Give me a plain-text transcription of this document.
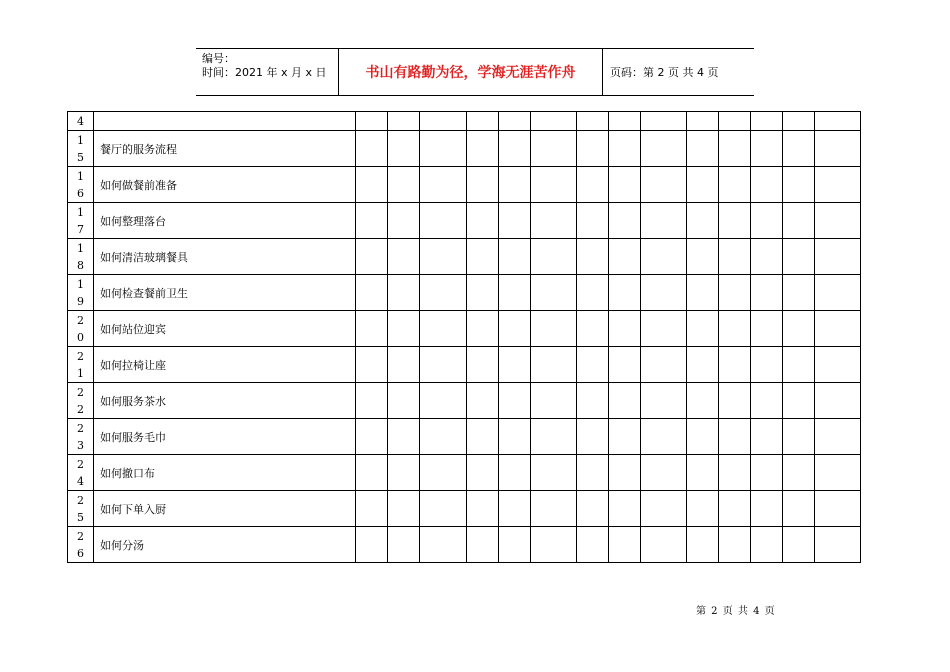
编号：
时间：2021 年 x 月 x 日	书山有路勤为径，学海无涯苦作舟	页码：第 2 页 共 4 页
4															

1
5	餐厅的服务流程														

1
6	如何做餐前准备														

1
7	如何整理落台														

1
8	如何清洁玻璃餐具														

1
9	如何检查餐前卫生														

2
0	如何站位迎宾														

2
1	如何拉椅让座														

2
2	如何服务茶水														

2
3	如何服务毛巾														

2
4	如何撤口布														

2
5	如何下单入厨														

2
6	如何分汤														
第 2 页 共 4 页
